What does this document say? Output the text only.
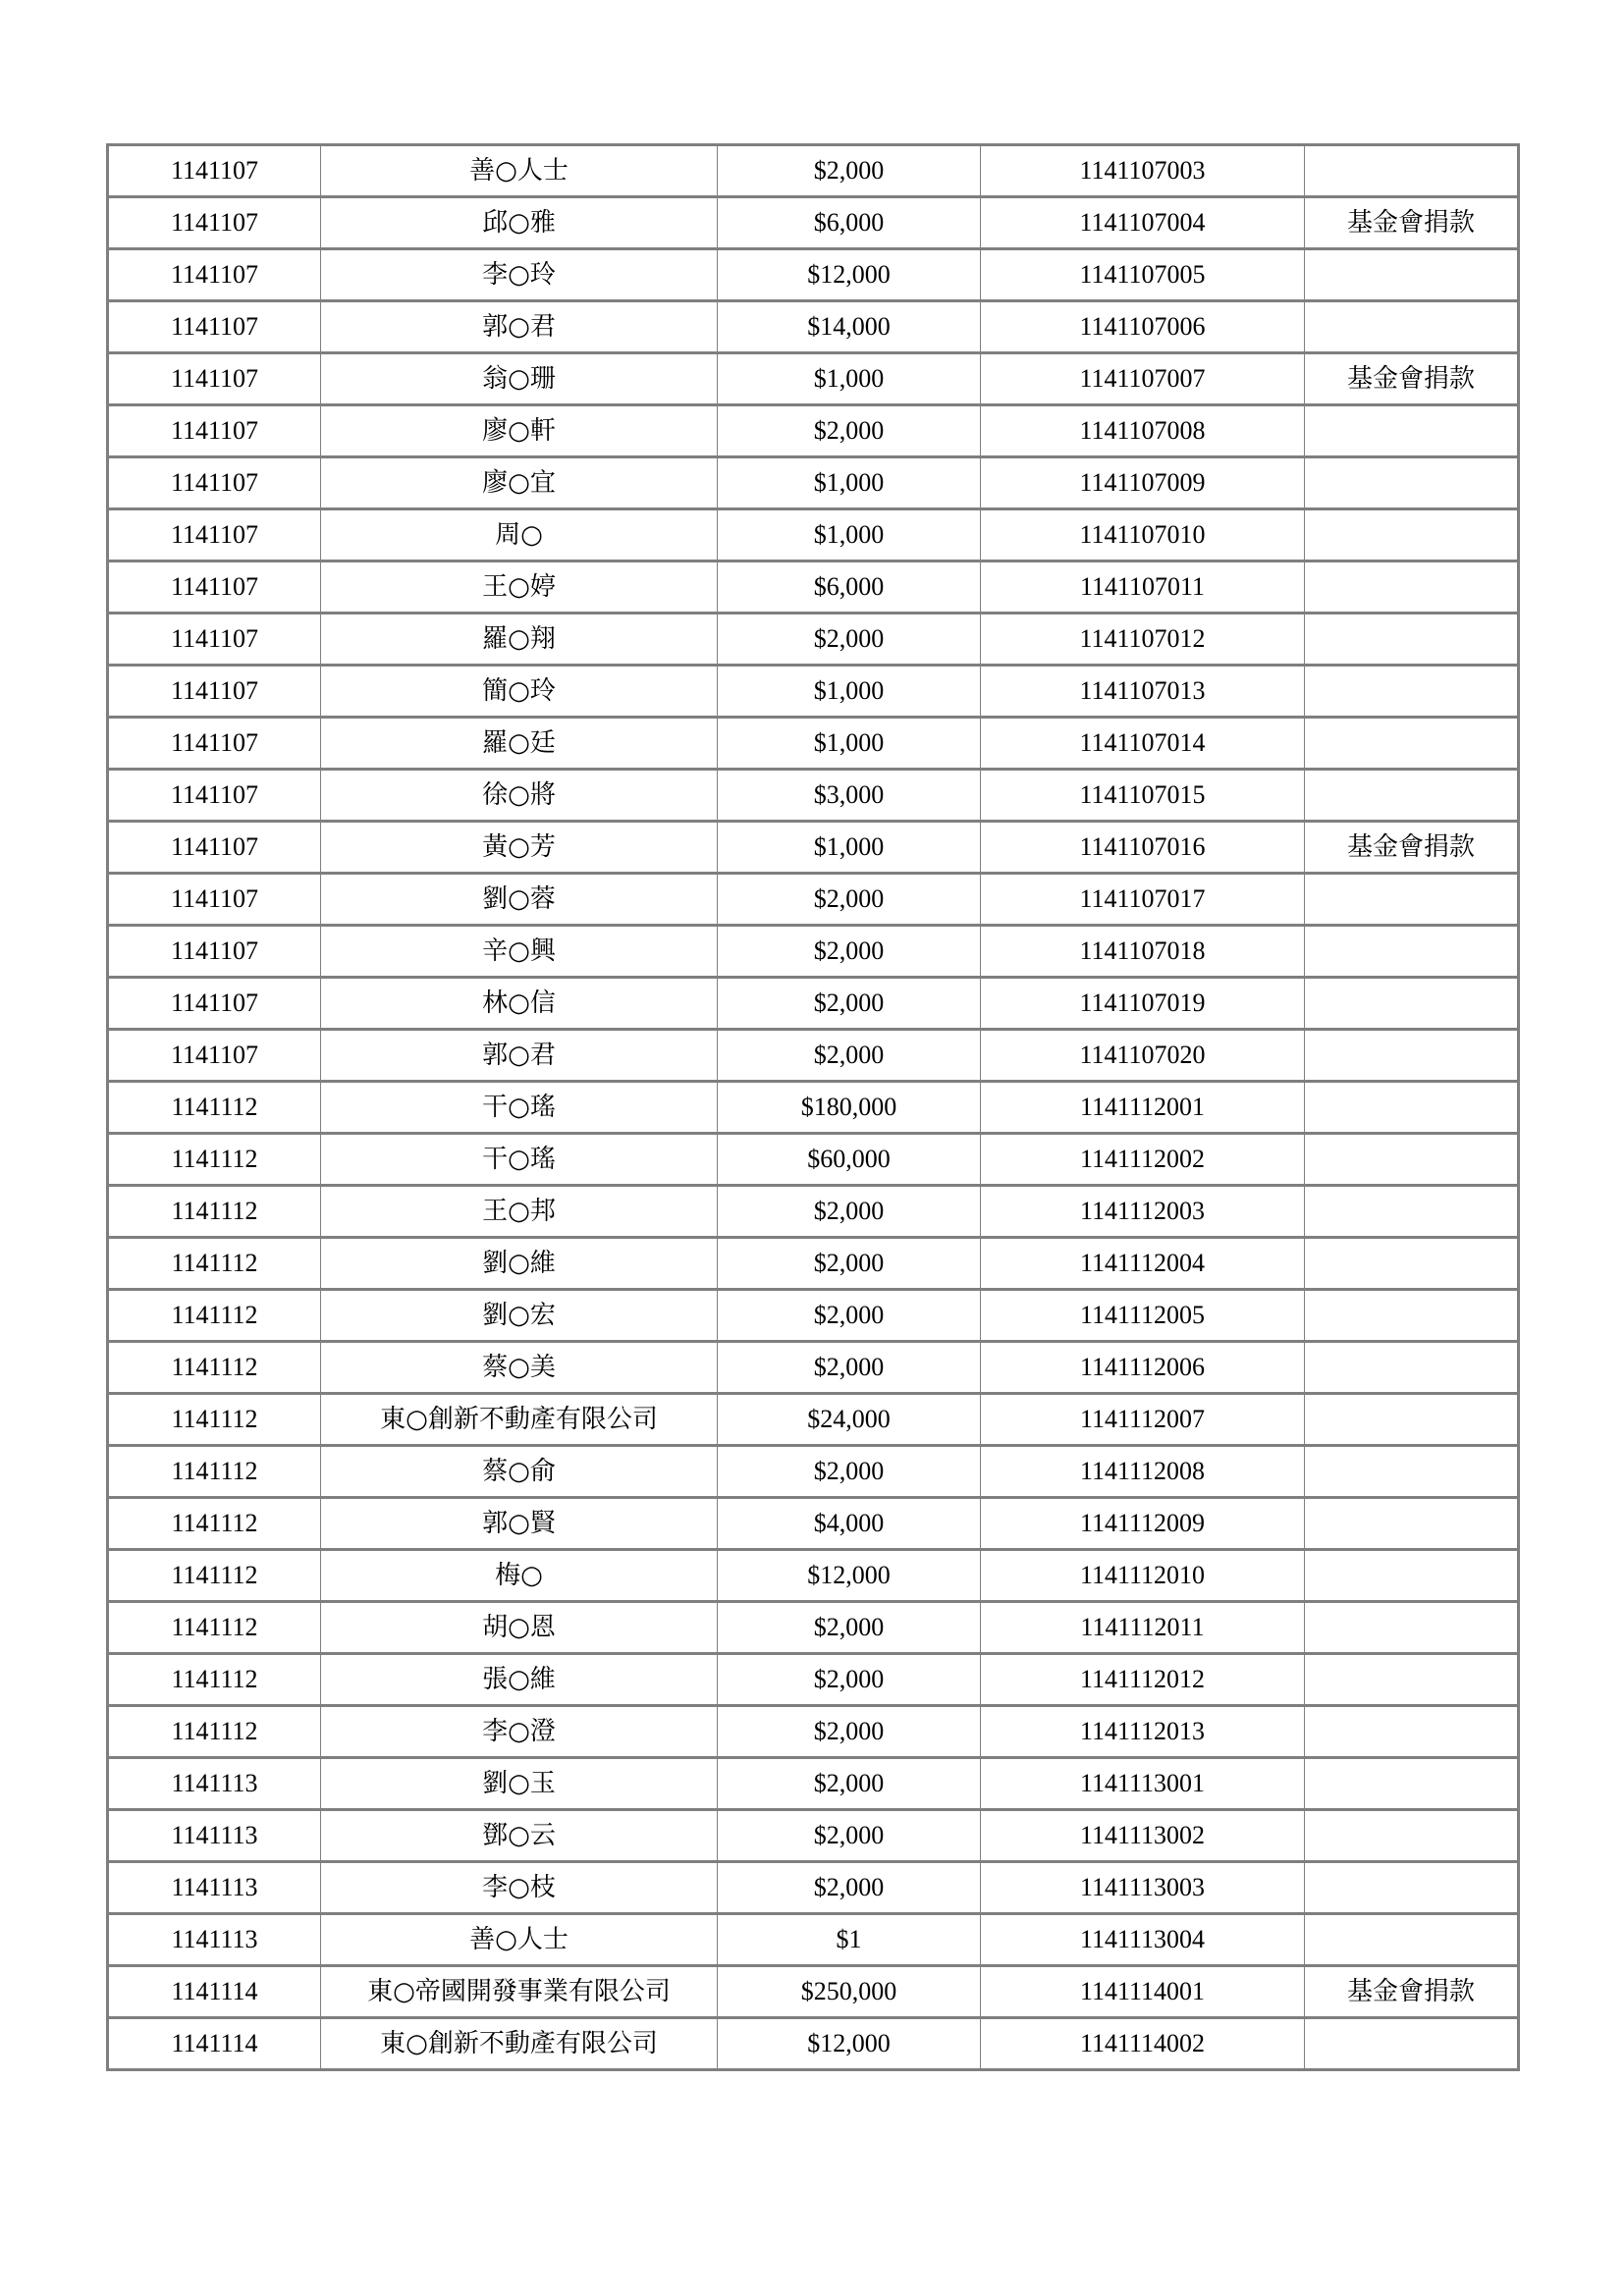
1141107	善○人士	$2,000	1141107003	
1141107	邱○雅	$6,000	1141107004	基金會捐款
1141107	李○玲	$12,000	1141107005	
1141107	郭○君	$14,000	1141107006	
1141107	翁○珊	$1,000	1141107007	基金會捐款
1141107	廖○軒	$2,000	1141107008	
1141107	廖○宜	$1,000	1141107009	
1141107	周○	$1,000	1141107010	
1141107	王○婷	$6,000	1141107011	
1141107	羅○翔	$2,000	1141107012	
1141107	簡○玲	$1,000	1141107013	
1141107	羅○廷	$1,000	1141107014	
1141107	徐○將	$3,000	1141107015	
1141107	黃○芳	$1,000	1141107016	基金會捐款
1141107	劉○蓉	$2,000	1141107017	
1141107	辛○興	$2,000	1141107018	
1141107	林○信	$2,000	1141107019	
1141107	郭○君	$2,000	1141107020	
1141112	干○瑤	$180,000	1141112001	
1141112	干○瑤	$60,000	1141112002	
1141112	王○邦	$2,000	1141112003	
1141112	劉○維	$2,000	1141112004	
1141112	劉○宏	$2,000	1141112005	
1141112	蔡○美	$2,000	1141112006	
1141112	東○創新不動產有限公司	$24,000	1141112007	
1141112	蔡○俞	$2,000	1141112008	
1141112	郭○賢	$4,000	1141112009	
1141112	梅○	$12,000	1141112010	
1141112	胡○恩	$2,000	1141112011	
1141112	張○維	$2,000	1141112012	
1141112	李○澄	$2,000	1141112013	
1141113	劉○玉	$2,000	1141113001	
1141113	鄧○云	$2,000	1141113002	
1141113	李○枝	$2,000	1141113003	
1141113	善○人士	$1	1141113004	
1141114	東○帝國開發事業有限公司	$250,000	1141114001	基金會捐款
1141114	東○創新不動產有限公司	$12,000	1141114002	
